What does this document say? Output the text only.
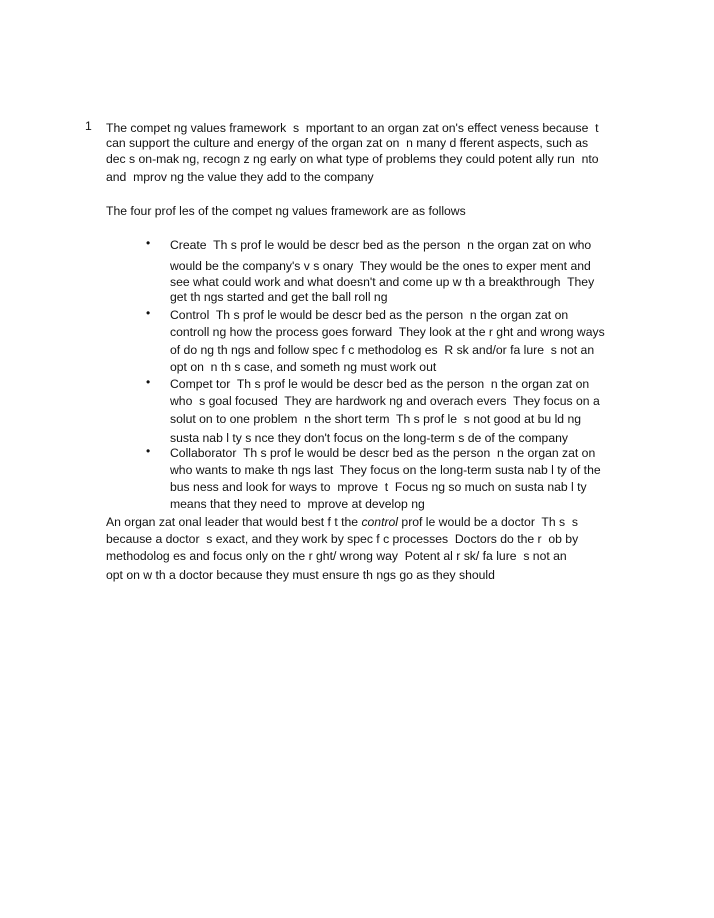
1 The compet ng values framework  s  mportant to an organ zat on's effect veness because  t
can support the culture and energy of the organ zat on  n many d fferent aspects, such as
dec s on-mak ng, recogn z ng early on what type of problems they could potent ally run  nto
and  mprov ng the value they add to the company
The four prof les of the compet ng values framework are as follows
• Create  Th s prof le would be descr bed as the person  n the organ zat on who
would be the company's v s onary  They would be the ones to exper ment and
see what could work and what doesn't and come up w th a breakthrough  They
get th ngs started and get the ball roll ng
• Control  Th s prof le would be descr bed as the person  n the organ zat on
controll ng how the process goes forward  They look at the r ght and wrong ways
of do ng th ngs and follow spec f c methodolog es  R sk and/or fa lure  s not an
opt on  n th s case, and someth ng must work out
• Compet tor  Th s prof le would be descr bed as the person  n the organ zat on
who  s goal focused  They are hardwork ng and overach evers  They focus on a
solut on to one problem  n the short term  Th s prof le  s not good at bu ld ng
susta nab l ty s nce they don't focus on the long-term s de of the company
• Collaborator  Th s prof le would be descr bed as the person  n the organ zat on
who wants to make th ngs last  They focus on the long-term susta nab l ty of the
bus ness and look for ways to  mprove  t  Focus ng so much on susta nab l ty
means that they need to  mprove at develop ng
An organ zat onal leader that would best f t the control prof le would be a doctor  Th s  s
because a doctor  s exact, and they work by spec f c processes  Doctors do the r  ob by
methodolog es and focus only on the r ght/ wrong way  Potent al r sk/ fa lure  s not an
opt on w th a doctor because they must ensure th ngs go as they should
